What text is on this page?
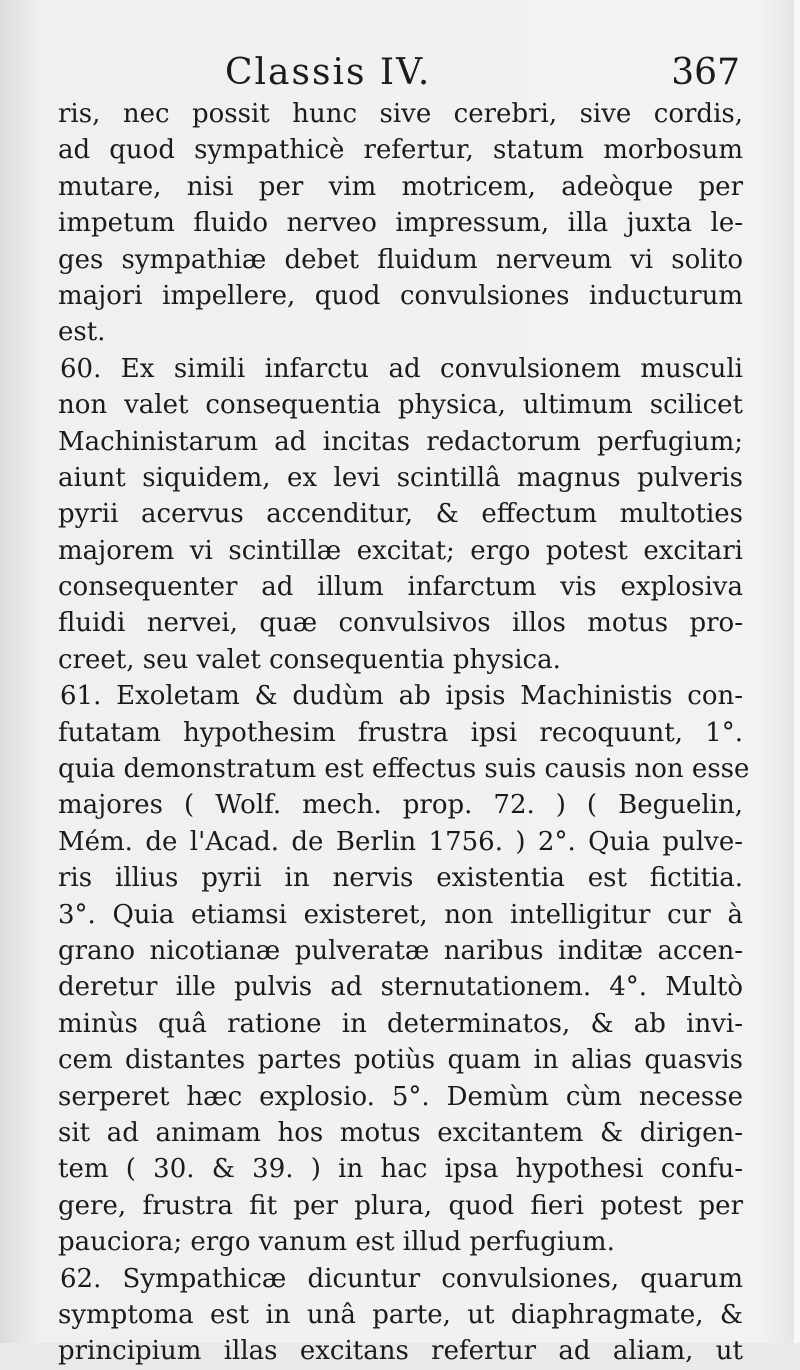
Classis IV.	367
ris, nec possit hunc sive cerebri, sive cordis,
ad quod sympathicè refertur, statum morbosum
mutare, nisi per vim motricem, adeòque per
impetum fluido nerveo impressum, illa juxta le-
ges sympathiæ debet fluidum nerveum vi solito
majori impellere, quod convulsiones inducturum
est.
60. Ex simili infarctu ad convulsionem musculi
non valet consequentia physica, ultimum scilicet
Machinistarum ad incitas redactorum perfugium;
aiunt siquidem, ex levi scintillâ magnus pulveris
pyrii acervus accenditur, & effectum multoties
majorem vi scintillæ excitat; ergo potest excitari
consequenter ad illum infarctum vis explosiva
fluidi nervei, quæ convulsivos illos motus pro-
creet, seu valet consequentia physica.
61. Exoletam & dudùm ab ipsis Machinistis con-
futatam hypothesim frustra ipsi recoquunt, 1°.
quia demonstratum est effectus suis causis non esse
majores ( Wolf. mech. prop. 72. ) ( Beguelin,
Mém. de l'Acad. de Berlin 1756. ) 2°. Quia pulve-
ris illius pyrii in nervis existentia est fictitia.
3°. Quia etiamsi existeret, non intelligitur cur à
grano nicotianæ pulveratæ naribus inditæ accen-
deretur ille pulvis ad sternutationem. 4°. Multò
minùs quâ ratione in determinatos, & ab invi-
cem distantes partes potiùs quam in alias quasvis
serperet hæc explosio. 5°. Demùm cùm necesse
sit ad animam hos motus excitantem & dirigen-
tem ( 30. & 39. ) in hac ipsa hypothesi confu-
gere, frustra fit per plura, quod fieri potest per
pauciora; ergo vanum est illud perfugium.
62. Sympathicæ dicuntur convulsiones, quarum
symptoma est in unâ parte, ut diaphragmate, &
principium illas excitans refertur ad aliam, ut
